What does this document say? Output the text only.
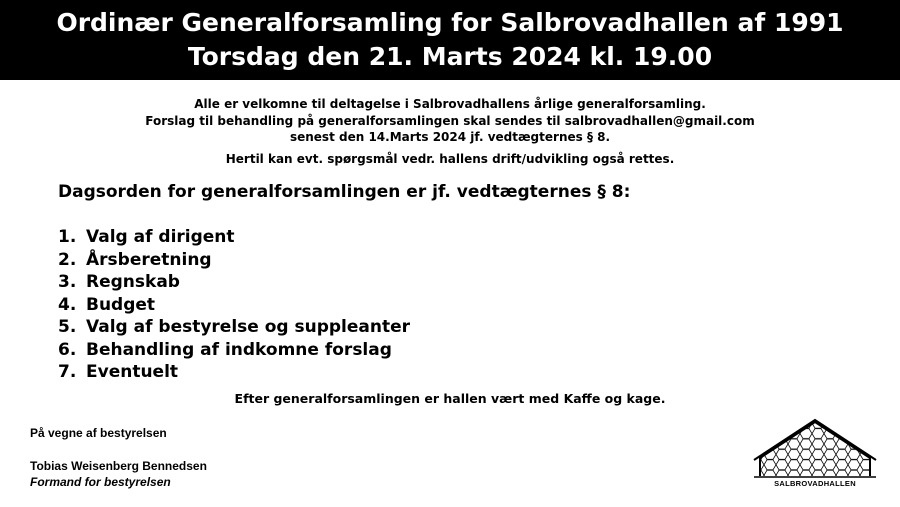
Ordinær Generalforsamling for Salbrovadhallen af 1991
Torsdag den 21. Marts 2024 kl. 19.00
Alle er velkomne til deltagelse i Salbrovadhallens årlige generalforsamling.
Forslag til behandling på generalforsamlingen skal sendes til salbrovadhallen@gmail.com
senest den 14.Marts 2024 jf. vedtægternes § 8.
Hertil kan evt. spørgsmål vedr. hallens drift/udvikling også rettes.
Dagsorden for generalforsamlingen er jf. vedtægternes § 8:
1. Valg af dirigent
2. Årsberetning
3. Regnskab
4. Budget
5. Valg af bestyrelse og suppleanter
6. Behandling af indkomne forslag
7. Eventuelt
Efter generalforsamlingen er hallen vært med Kaffe og kage.
På vegne af bestyrelsen
Tobias Weisenberg Bennedsen
Formand for bestyrelsen	SALBROVADHALLEN
